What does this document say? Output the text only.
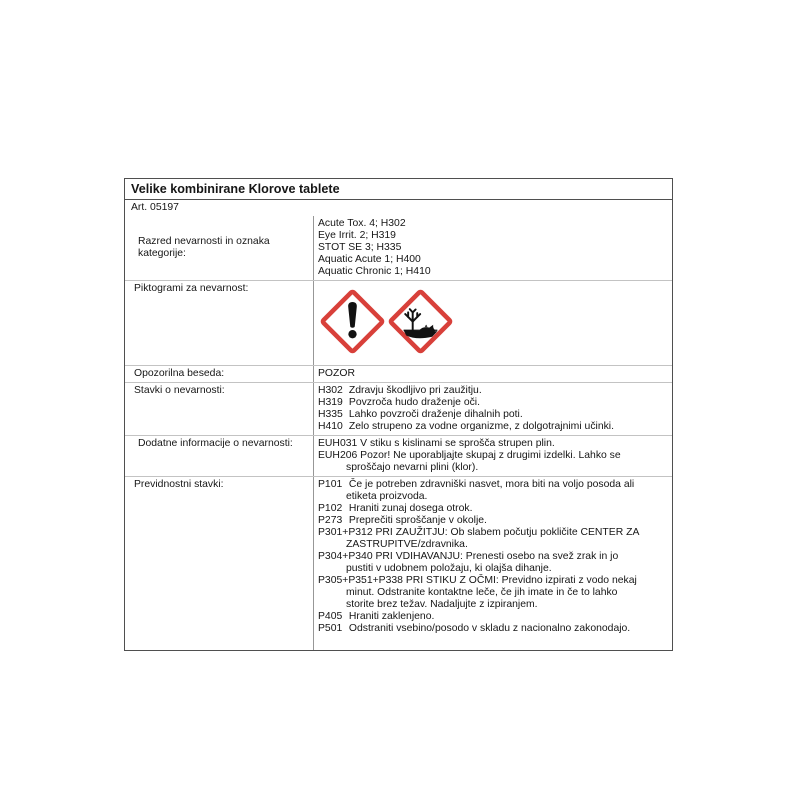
Velike kombinirane Klorove tablete
Art. 05197
Razred nevarnosti in oznaka kategorije:
Acute Tox. 4; H302
Eye Irrit. 2; H319
STOT SE 3; H335
Aquatic Acute 1; H400
Aquatic Chronic 1; H410
Piktogrami za nevarnost:

Opozorilna beseda:	POZOR
Stavki o nevarnosti:	H302 Zdravju škodljivo pri zaužitju.
H319 Povzroča hudo draženje oči.
H335 Lahko povzroči draženje dihalnih poti.
H410 Zelo strupeno za vodne organizme, z dolgotrajnimi učinki.
Dodatne informacije o nevarnosti:	EUH031 V stiku s kislinami se sprošča strupen plin.
EUH206 Pozor! Ne uporabljajte skupaj z drugimi izdelki. Lahko se
sproščajo nevarni plini (klor).
Previdnostni stavki:	P101 Če je potreben zdravniški nasvet, mora biti na voljo posoda ali
etiketa proizvoda.
P102 Hraniti zunaj dosega otrok.
P273 Preprečiti sproščanje v okolje.
P301+P312 PRI ZAUŽITJU: Ob slabem počutju pokličite CENTER ZA
ZASTRUPITVE/zdravnika.
P304+P340 PRI VDIHAVANJU: Prenesti osebo na svež zrak in jo
pustiti v udobnem položaju, ki olajša dihanje.
P305+P351+P338 PRI STIKU Z OČMI: Previdno izpirati z vodo nekaj
minut. Odstranite kontaktne leče, če jih imate in če to lahko
storite brez težav. Nadaljujte z izpiranjem.
P405 Hraniti zaklenjeno.
P501 Odstraniti vsebino/posodo v skladu z nacionalno zakonodajo.
